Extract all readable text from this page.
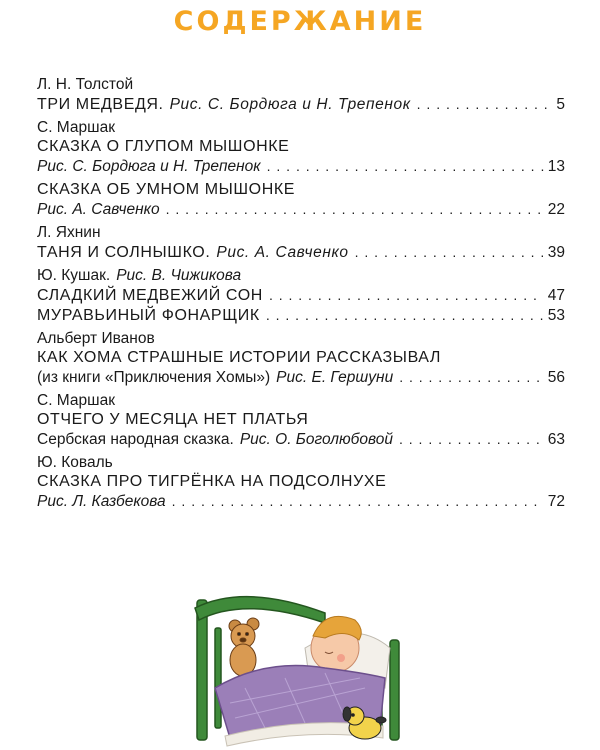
СОДЕРЖАНИЕ
Л. Н. Толстой
ТРИ МЕДВЕДЯ. Рис. С. Бордюга и Н. Трепенок . . .	5
С. Маршак
СКАЗКА О ГЛУПОМ МЫШОНКЕ
Рис. С. Бордюга и Н. Трепенок . . .	13
СКАЗКА ОБ УМНОМ МЫШОНКЕ
Рис. А. Савченко . . .	22
Л. Яхнин
ТАНЯ И СОЛНЫШКО. Рис. А. Савченко . . .	39
Ю. Кушак. Рис. В. Чижикова
СЛАДКИЙ МЕДВЕЖИЙ СОН . . .	47
МУРАВЬИНЫЙ ФОНАРЩИК . . .	53
Альберт Иванов
КАК ХОМА СТРАШНЫЕ ИСТОРИИ РАССКАЗЫВАЛ
(из книги «Приключения Хомы») Рис. Е. Гершуни . . .	56
С. Маршак
ОТЧЕГО У МЕСЯЦА НЕТ ПЛАТЬЯ
Сербская народная сказка. Рис. О. Боголюбовой . . .	63
Ю. Коваль
СКАЗКА ПРО ТИГРЁНКА НА ПОДСОЛНУХЕ
Рис. Л. Казбекова . . .	72
